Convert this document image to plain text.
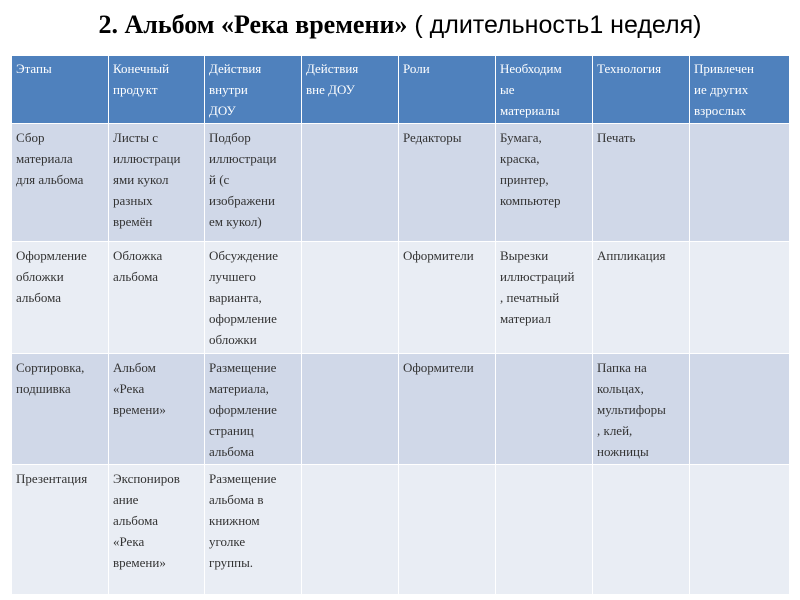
2. Альбом «Река времени» ( длительность1 неделя)
Этапы	Конечный
продукт	Действия
внутри
ДОУ	Действия
вне ДОУ	Роли	Необходим
ые
материалы	Технология	Привлечен
ие других
взрослых
Сбор
материала
для альбома	Листы с
иллюстраци
ями кукол
разных
времён	Подбор
иллюстраци
й (с
изображени
ем кукол)		Редакторы	Бумага,
краска,
принтер,
компьютер	Печать	
Оформление
обложки
альбома	Обложка
альбома	Обсуждение
лучшего
варианта,
оформление
обложки		Оформители	Вырезки
иллюстраций
, печатный
материал	Аппликация	
Сортировка,
подшивка	Альбом
«Река
времени»	Размещение
материала,
оформление
страниц
альбома		Оформители		Папка на
кольцах,
мультифоры
, клей,
ножницы	
Презентация	Экспониров
ание
альбома
«Река
времени»	Размещение
альбома в
книжном
уголке
группы.					
